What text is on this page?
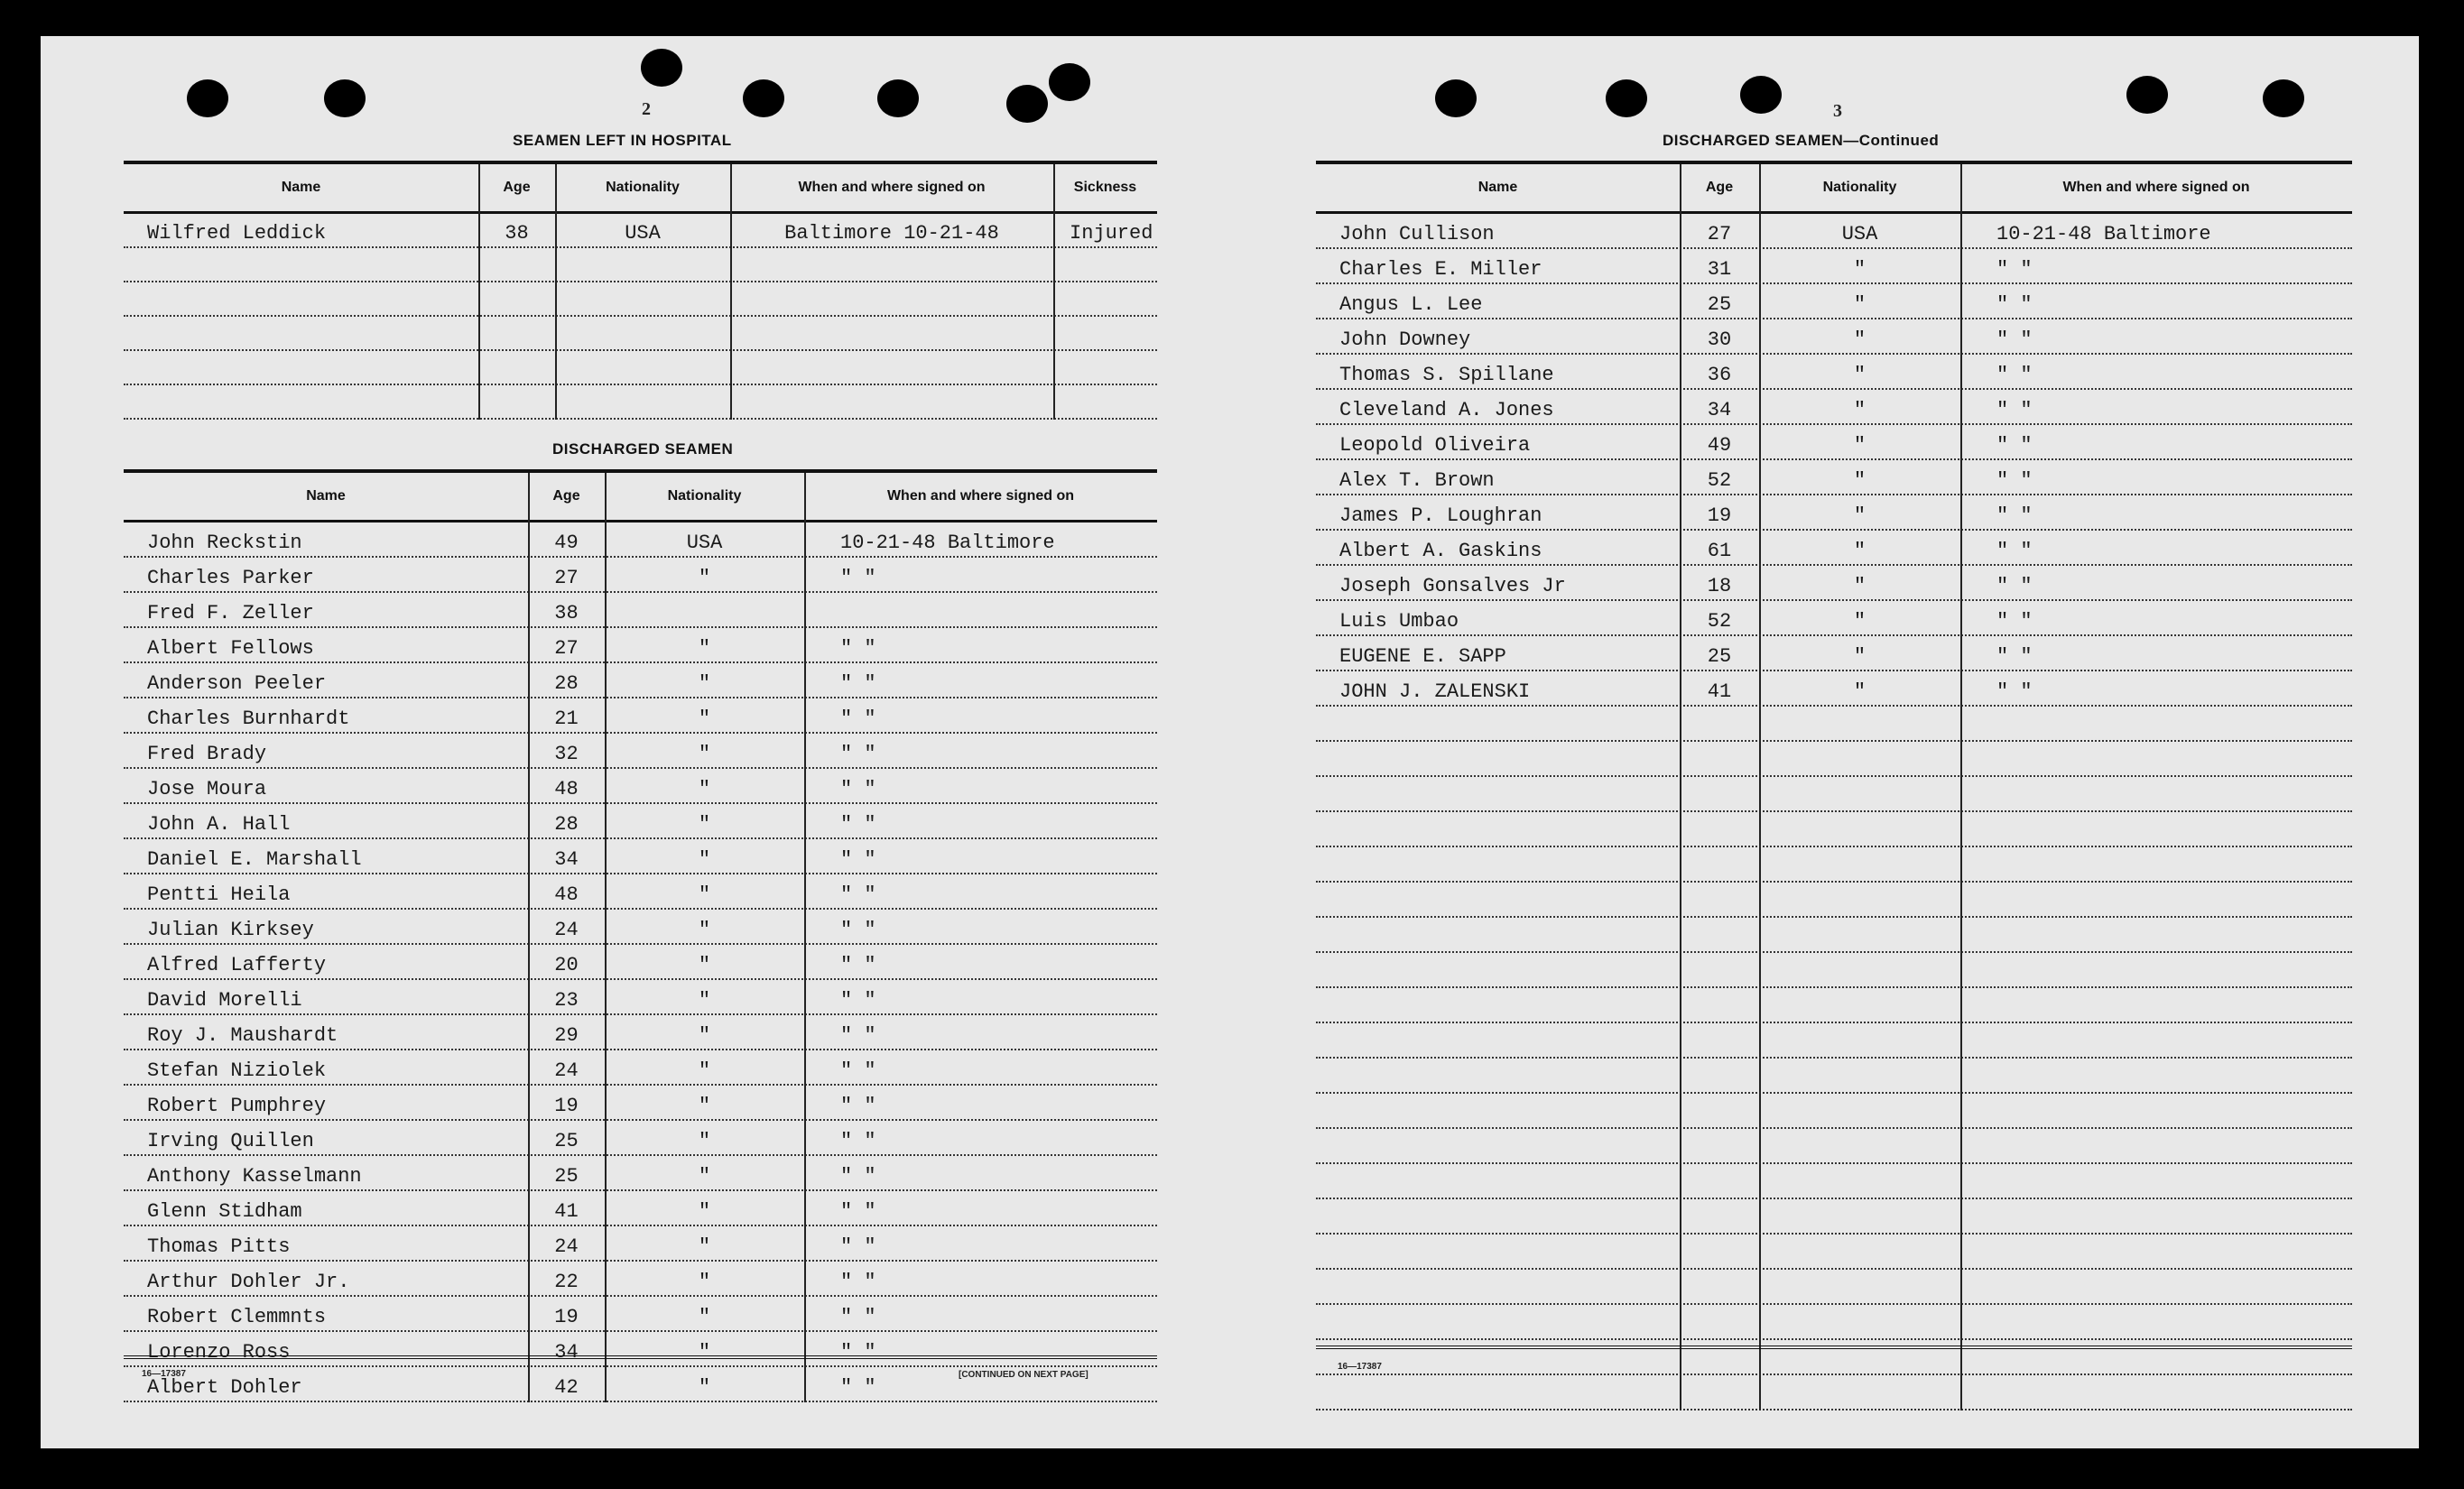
2
SEAMEN LEFT IN HOSPITAL
Name	Age	Nationality	When and where signed on	Sickness
Wilfred Leddick	38	USA	Baltimore 10-21-48	Injured
DISCHARGED SEAMEN
Name	Age	Nationality	When and where signed on
John Reckstin	49	USA	10-21-48 Baltimore
Charles Parker	27	"	" "
Fred F. Zeller	38
Albert Fellows	27	"	" "
Anderson Peeler	28	"	" "
Charles Burnhardt	21	"	" "
Fred Brady	32	"	" "
Jose Moura	48	"	" "
John A. Hall	28	"	" "
Daniel E. Marshall	34	"	" "
Pentti Heila	48	"	" "
Julian Kirksey	24	"	" "
Alfred Lafferty	20	"	" "
David Morelli	23	"	" "
Roy J. Maushardt	29	"	" "
Stefan Niziolek	24	"	" "
Robert Pumphrey	19	"	" "
Irving Quillen	25	"	" "
Anthony Kasselmann	25	"	" "
Glenn Stidham	41	"	" "
Thomas Pitts	24	"	" "
Arthur Dohler Jr.	22	"	" "
Robert Clemmnts	19	"	" "
Lorenzo Ross	34	"	" "
Albert Dohler	42	"	" "
16—17387	[CONTINUED ON NEXT PAGE]
3
DISCHARGED SEAMEN—Continued
Name	Age	Nationality	When and where signed on
John Cullison	27	USA	10-21-48 Baltimore
Charles E. Miller	31	"	" "
Angus L. Lee	25	"	" "
John Downey	30	"	" "
Thomas S. Spillane	36	"	" "
Cleveland A. Jones	34	"	" "
Leopold Oliveira	49	"	" "
Alex T. Brown	52	"	" "
James P. Loughran	19	"	" "
Albert A. Gaskins	61	"	" "
Joseph Gonsalves Jr	18	"	" "
Luis Umbao	52	"	" "
EUGENE E. SAPP	25	"	" "
JOHN J. ZALENSKI	41	"	" "
16—17387
